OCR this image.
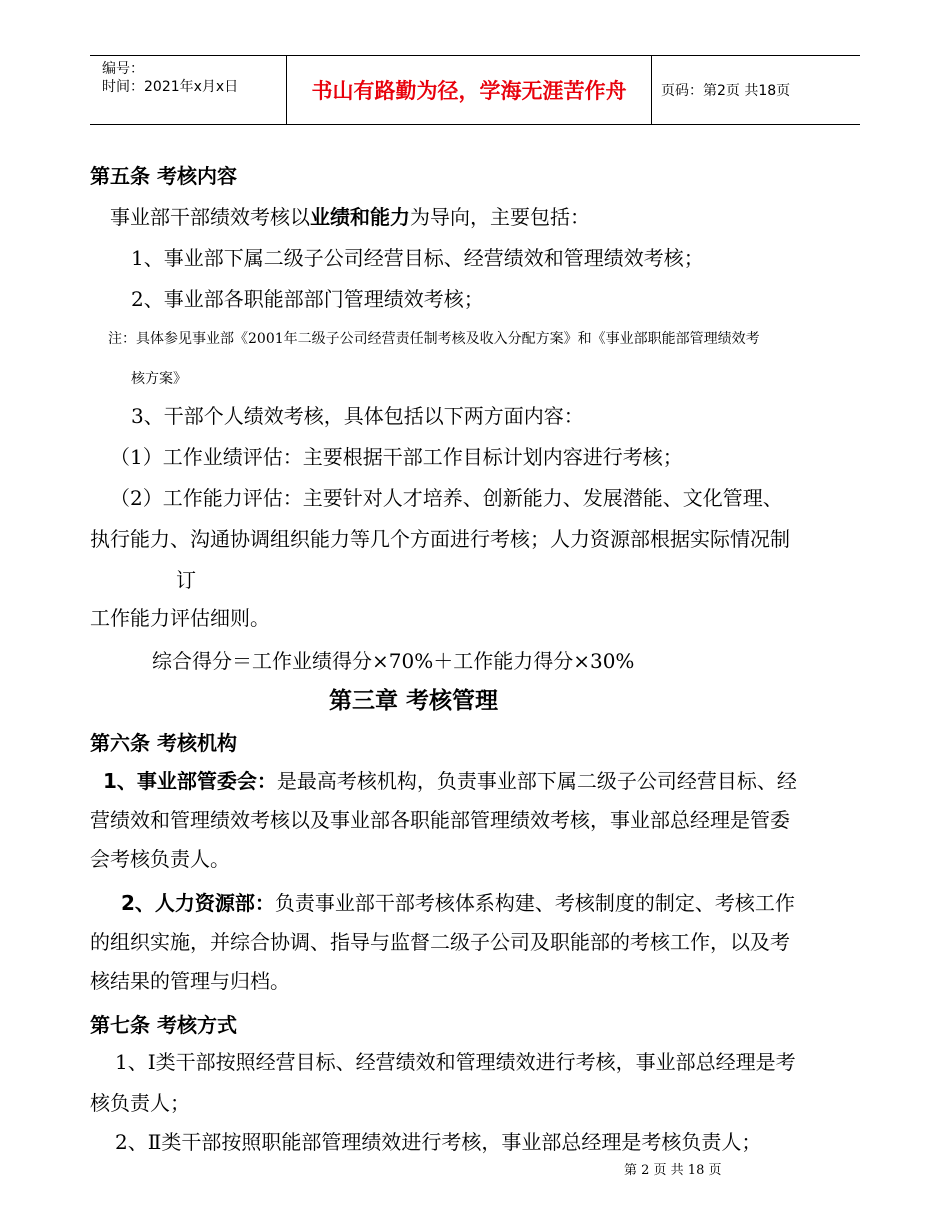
编号：
时间：2021年x月x日	书山有路勤为径，学海无涯苦作舟	页码：第2页 共18页
第五条 考核内容
事业部干部绩效考核以业绩和能力为导向，主要包括：
1、事业部下属二级子公司经营目标、经营绩效和管理绩效考核；
2、事业部各职能部部门管理绩效考核；
注：具体参见事业部《2001年二级子公司经营责任制考核及收入分配方案》和《事业部职能部管理绩效考
核方案》
3、干部个人绩效考核，具体包括以下两方面内容：
（1）工作业绩评估：主要根据干部工作目标计划内容进行考核；
（2）工作能力评估：主要针对人才培养、创新能力、发展潜能、文化管理、
执行能力、沟通协调组织能力等几个方面进行考核；人力资源部根据实际情况制
订
工作能力评估细则。
综合得分＝工作业绩得分×70%＋工作能力得分×30%
第三章 考核管理
第六条 考核机构
1、事业部管委会：是最高考核机构，负责事业部下属二级子公司经营目标、经
营绩效和管理绩效考核以及事业部各职能部管理绩效考核，事业部总经理是管委
会考核负责人。
2、人力资源部：负责事业部干部考核体系构建、考核制度的制定、考核工作
的组织实施，并综合协调、指导与监督二级子公司及职能部的考核工作，以及考
核结果的管理与归档。
第七条 考核方式
1、Ⅰ类干部按照经营目标、经营绩效和管理绩效进行考核，事业部总经理是考
核负责人；
2、Ⅱ类干部按照职能部管理绩效进行考核，事业部总经理是考核负责人；
第 2 页 共 18 页
